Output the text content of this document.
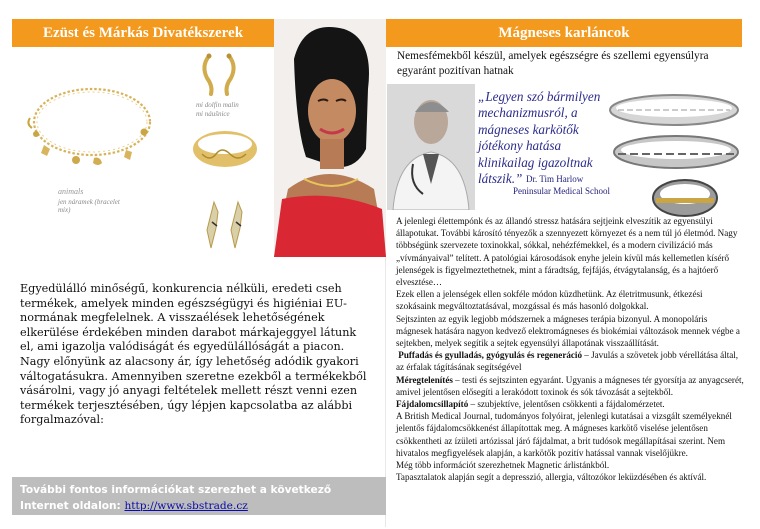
Ezüst és Márkás Divatékszerek	Mágneses karláncok
animals
jen náramek (bracelet
mix)
mi dolfin malin
mi náušnice
Egyedülálló minőségű, konkurencia nélküli, eredeti cseh termékek, amelyek minden egészségügyi és higiéniai EU-normának megfelelnek. A visszaélések lehetőségének elkerülése érdekében minden darabot márkajeggyel látunk el, ami igazolja valódiságát és egyedülállóságát a piacon. Nagy előnyünk az alacsony ár, így lehetőség adódik gyakori váltogatásukra. Amennyiben szeretne ezekből a termékekből vásárolni, vagy jó anyagi feltételek mellett részt venni ezen termékek terjesztésében, úgy lépjen kapcsolatba az alábbi forgalmazóval:
További fontos információkat szerezhet a következő Internet oldalon: http://www.sbstrade.cz
Nemesfémekből készül, amelyek egészségre és szellemi egyensúlyra egyaránt pozitívan hatnak
„Legyen szó bármilyen mechanizmusról, a mágneses karkötők jótékony hatása klinikailag igazoltnak látszik.” Dr. Tim Harlow
Peninsular Medical School

A jelenlegi élettempónk és az állandó stressz hatására sejtjeink elveszítik az egyensúlyi állapotukat. További károsító tényezők a szennyezett környezet és a nem túl jó életmód. Nagy többségünk szervezete toxinokkal, sókkal, nehézfémekkel, és a modern civilizáció más „vívmányaival” telített. A patológiai károsodások enyhe jelein kívül más kellemetlen kísérő jelenségek is figyelmeztethetnek, mint a fáradtság, fejfájás, étvágytalanság, és a hajtóerő elvesztése…

Ezek ellen a jelenségek ellen sokféle módon küzdhetünk. Az életritmusunk, étkezési szokásaink megváltoztatásával, mozgással és más hasonló dolgokkal.

Sejtszinten az egyik legjobb módszernek a mágneses terápia bizonyul. A monopoláris mágnesek hatására nagyon kedvező elektromágneses és biokémiai változások mennek végbe a sejtekben, melyek segítik a sejtek egyensúlyi állapotának visszaállítását.

Puffadás és gyulladás, gyógyulás és regeneráció – Javulás a szövetek jobb vérellátása által, az érfalak tágításának segítségével

Méregtelenítés – testi és sejtszinten egyaránt. Ugyanis a mágneses tér gyorsítja az anyagcserét, amivel jelentősen elősegíti a lerakódott toxinok és sók távozását a sejtekből.

Fájdalomcsillapító – szubjektíve, jelentősen csökkenti a fájdalomérzetet.

A British Medical Journal, tudományos folyóirat, jelenlegi kutatásai a vizsgált személyeknél jelentős fájdalomcsökkenést állapítottak meg. A mágneses karkötő viselése jelentősen csökkentheti az ízületi artózissal járó fájdalmat, a brit tudósok megállapításai szerint. Nem hivatalos megfigyelések alapján, a karkötők pozitív hatással vannak viselőjükre.

Még több információt szerezhetnek Magnetic árlistánkból.

Tapasztalatok alapján segít a depresszió, allergia, változókor leküzdésében és aktívál.
